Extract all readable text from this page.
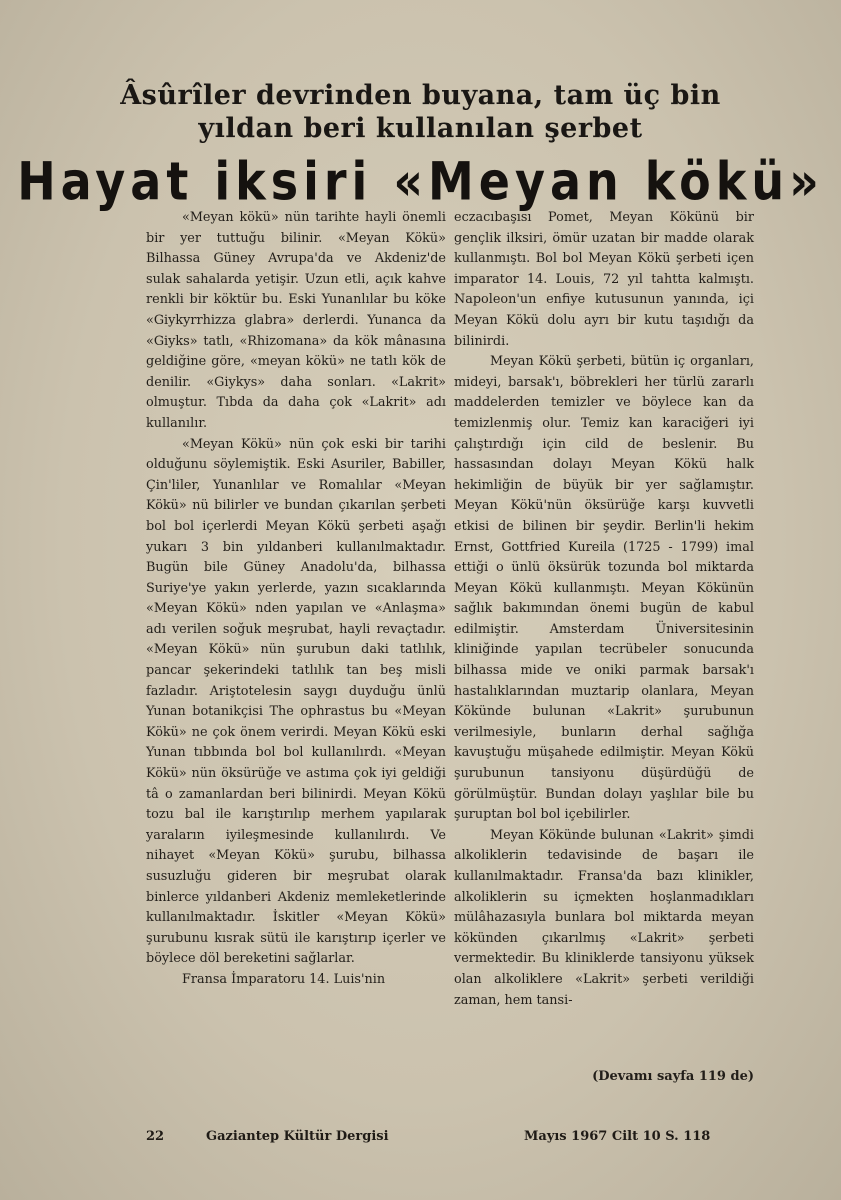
Âsûrîler devrinden buyana, tam üç bin
yıldan beri kullanılan şerbet
Hayat iksiri «Meyan kökü»

«Meyan kökü» nün tarihte hayli önemli bir yer tuttuğu bilinir. «Meyan Kökü» Bilhassa Güney Avrupa'da ve Akdeniz'de sulak sahalarda yetişir. Uzun etli, açık kahve renkli bir köktür bu. Eski Yunanlılar bu köke «Giykyrrhizza glabra» derlerdi. Yunanca da «Giyks» tatlı, «Rhizomana» da kök mânasına geldiğine göre, «meyan kökü» ne tatlı kök de denilir. «Giykys» daha sonları. «Lakrit» olmuştur. Tıbda da daha çok «Lakrit» adı kullanılır.

«Meyan Kökü» nün çok eski bir tarihi olduğunu söylemiştik. Eski Asuriler, Babiller, Çin'liler, Yunanlılar ve Romalılar «Meyan Kökü» nü bilirler ve bundan çıkarılan şerbeti bol bol içerlerdi Meyan Kökü şerbeti aşağı yukarı 3 bin yıldanberi kullanılmaktadır. Bugün bile Güney Anadolu'da, bilhassa Suriye'ye yakın yerlerde, yazın sıcaklarında «Meyan Kökü» nden yapılan ve «Anlaşma» adı verilen soğuk meşrubat, hayli revaçtadır. «Meyan Kökü» nün şurubun daki tatlılık, pancar şekerindeki tatlılık tan beş misli fazladır. Ariştotelesin saygı duyduğu ünlü Yunan botanikçisi The ophrastus bu «Meyan Kökü» ne çok önem verirdi. Meyan Kökü eski Yunan tıbbında bol bol kullanılırdı. «Meyan Kökü» nün öksürüğe ve astıma çok iyi geldiği tâ o zamanlardan beri bilinirdi. Meyan Kökü tozu bal ile karıştırılıp merhem yapılarak yaraların iyileşmesinde kullanılırdı. Ve nihayet «Meyan Kökü» şurubu, bilhassa susuzluğu gideren bir meşrubat olarak binlerce yıldanberi Akdeniz memleketlerinde kullanılmaktadır. İskitler «Meyan Kökü» şurubunu kısrak sütü ile karıştırıp içerler ve böylece döl bereketini sağlarlar.

Fransa İmparatoru 14. Luis'nin

eczacıbaşısı Pomet, Meyan Kökünü bir gençlik ilksiri, ömür uzatan bir madde olarak kullanmıştı. Bol bol Meyan Kökü şerbeti içen imparator 14. Louis, 72 yıl tahtta kalmıştı. Napoleon'un enfiye kutusunun yanında, içi Meyan Kökü dolu ayrı bir kutu taşıdığı da bilinirdi.

Meyan Kökü şerbeti, bütün iç organları, mideyi, barsak'ı, böbrekleri her türlü zararlı maddelerden temizler ve böylece kan da temizlenmiş olur. Temiz kan karaciğeri iyi çalıştırdığı için cild de beslenir. Bu hassasından dolayı Meyan Kökü halk hekimliğin de büyük bir yer sağlamıştır. Meyan Kökü'nün öksürüğe karşı kuvvetli etkisi de bilinen bir şeydir. Berlin'li hekim Ernst, Gottfried Kureila (1725 - 1799) imal ettiği o ünlü öksürük tozunda bol miktarda Meyan Kökü kullanmıştı. Meyan Kökünün sağlık bakımından önemi bugün de kabul edilmiştir. Amsterdam Üniversitesinin kliniğinde yapılan tecrübeler sonucunda bilhassa mide ve oniki parmak barsak'ı hastalıklarından muztarip olanlara, Meyan Kökünde bulunan «Lakrit» şurubunun verilmesiyle, bunların derhal sağlığa kavuştuğu müşahede edilmiştir. Meyan Kökü şurubunun tansiyonu düşürdüğü de görülmüştür. Bundan dolayı yaşlılar bile bu şuruptan bol bol içebilirler.

Meyan Kökünde bulunan «Lakrit» şimdi alkoliklerin tedavisinde de başarı ile kullanılmaktadır. Fransa'da bazı klinikler, alkoliklerin su içmekten hoşlanmadıkları mülâhazasıyla bunlara bol miktarda meyan kökünden çıkarılmış «Lakrit» şerbeti vermektedir. Bu kliniklerde tansiyonu yüksek olan alkoliklere «Lakrit» şerbeti verildiği zaman, hem tansi-

(Devamı sayfa 119 de)
22	Gaziantep Kültür Dergisi	Mayıs 1967 Cilt 10 S. 118
